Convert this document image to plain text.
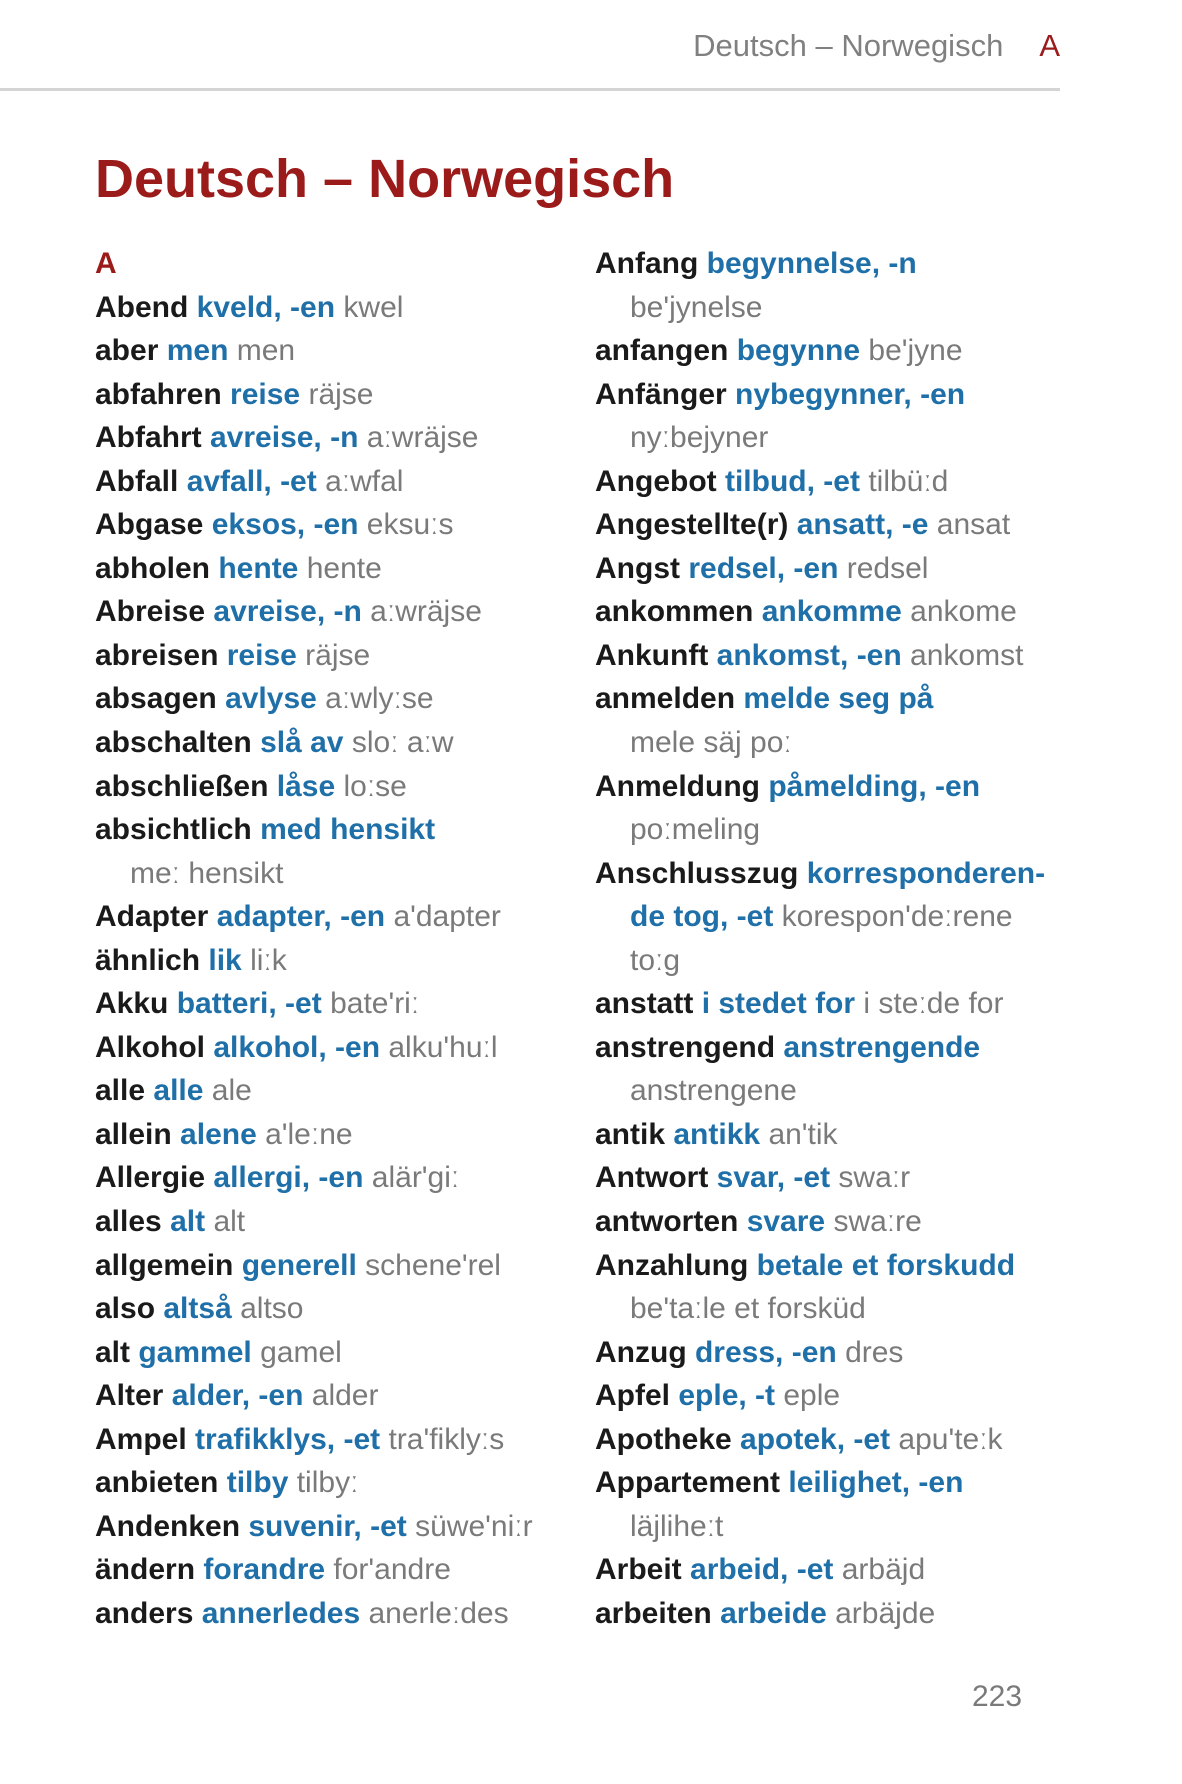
Deutsch – Norwegisch A
Deutsch – Norwegisch
A
Abend kveld, -en kwel
aber men men
abfahren reise räjse
Abfahrt avreise, -n aːwräjse
Abfall avfall, -et aːwfal
Abgase eksos, -en eksuːs
abholen hente hente
Abreise avreise, -n aːwräjse
abreisen reise räjse
absagen avlyse aːwlyːse
abschalten slå av sloː aːw
abschließen låse loːse
absichtlich med hensikt
meː hensikt
Adapter adapter, -en a'dapter
ähnlich lik liːk
Akku batteri, -et bate'riː
Alkohol alkohol, -en alku'huːl
alle alle ale
allein alene a'leːne
Allergie allergi, -en alär'giː
alles alt alt
allgemein generell schene'rel
also altså altso
alt gammel gamel
Alter alder, -en alder
Ampel trafikklys, -et tra'fiklyːs
anbieten tilby tilbyː
Andenken suvenir, -et süwe'niːr
ändern forandre for'andre
anders annerledes anerleːdes
Anfang begynnelse, -n
be'jynelse
anfangen begynne be'jyne
Anfänger nybegynner, -en
nyːbejyner
Angebot tilbud, -et tilbüːd
Angestellte(r) ansatt, -e ansat
Angst redsel, -en redsel
ankommen ankomme ankome
Ankunft ankomst, -en ankomst
anmelden melde seg på
mele säj poː
Anmeldung påmelding, -en
poːmeling
Anschlusszug korresponderen-
de tog, -et korespon'deːrene
toːg
anstatt i stedet for i steːde for
anstrengend anstrengende
anstrengene
antik antikk an'tik
Antwort svar, -et swaːr
antworten svare swaːre
Anzahlung betale et forskudd
be'taːle et forsküd
Anzug dress, -en dres
Apfel eple, -t eple
Apotheke apotek, -et apu'teːk
Appartement leilighet, -en
läjliheːt
Arbeit arbeid, -et arbäjd
arbeiten arbeide arbäjde
223
